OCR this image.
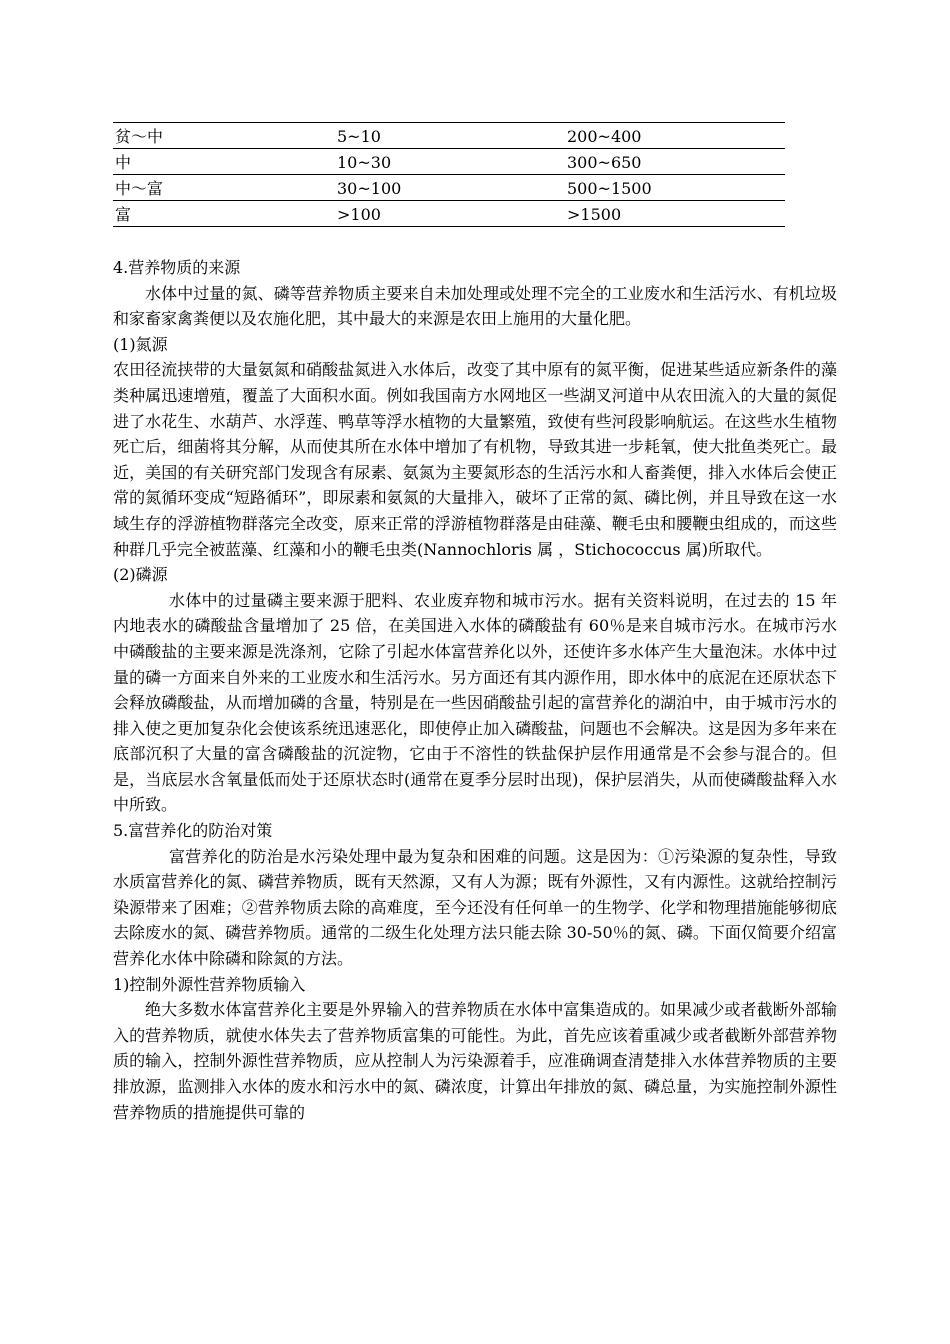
贫～中	5~10	200~400
中	10~30	300~650
中～富	30~100	500~1500
富	>100	>1500

4.营养物质的来源

水体中过量的氮、磷等营养物质主要来自未加处理或处理不完全的工业废水和生活污水、有机垃圾和家畜家禽粪便以及农施化肥，其中最大的来源是农田上施用的大量化肥。

(1)氮源

农田径流挟带的大量氨氮和硝酸盐氮进入水体后，改变了其中原有的氮平衡，促进某些适应新条件的藻类种属迅速增殖，覆盖了大面积水面。例如我国南方水网地区一些湖叉河道中从农田流入的大量的氮促进了水花生、水葫芦、水浮莲、鸭草等浮水植物的大量繁殖，致使有些河段影响航运。在这些水生植物死亡后，细菌将其分解，从而使其所在水体中增加了有机物，导致其进一步耗氧，使大批鱼类死亡。最近，美国的有关研究部门发现含有尿素、氨氮为主要氮形态的生活污水和人畜粪便，排入水体后会使正常的氮循环变成“短路循环”，即尿素和氨氮的大量排入，破坏了正常的氮、磷比例，并且导致在这一水域生存的浮游植物群落完全改变，原来正常的浮游植物群落是由硅藻、鞭毛虫和腰鞭虫组成的，而这些种群几乎完全被蓝藻、红藻和小的鞭毛虫类(Nannochloris 属 ，Stichococcus 属)所取代。

(2)磷源

水体中的过量磷主要来源于肥料、农业废弃物和城市污水。据有关资料说明，在过去的 15 年内地表水的磷酸盐含量增加了 25 倍，在美国进入水体的磷酸盐有 60％是来自城市污水。在城市污水中磷酸盐的主要来源是洗涤剂，它除了引起水体富营养化以外，还使许多水体产生大量泡沫。水体中过量的磷一方面来自外来的工业废水和生活污水。另方面还有其内源作用，即水体中的底泥在还原状态下会释放磷酸盐，从而增加磷的含量，特别是在一些因硝酸盐引起的富营养化的湖泊中，由于城市污水的排入使之更加复杂化会使该系统迅速恶化，即使停止加入磷酸盐，问题也不会解决。这是因为多年来在底部沉积了大量的富含磷酸盐的沉淀物，它由于不溶性的铁盐保护层作用通常是不会参与混合的。但是，当底层水含氧量低而处于还原状态时(通常在夏季分层时出现)，保护层消失，从而使磷酸盐释入水中所致。

5.富营养化的防治对策

富营养化的防治是水污染处理中最为复杂和困难的问题。这是因为：①污染源的复杂性，导致水质富营养化的氮、磷营养物质，既有天然源，又有人为源；既有外源性，又有内源性。这就给控制污染源带来了困难；②营养物质去除的高难度，至今还没有任何单一的生物学、化学和物理措施能够彻底去除废水的氮、磷营养物质。通常的二级生化处理方法只能去除 30-50％的氮、磷。下面仅简要介绍富营养化水体中除磷和除氮的方法。

1)控制外源性营养物质输入

绝大多数水体富营养化主要是外界输入的营养物质在水体中富集造成的。如果减少或者截断外部输入的营养物质，就使水体失去了营养物质富集的可能性。为此，首先应该着重减少或者截断外部营养物质的输入，控制外源性营养物质，应从控制人为污染源着手，应准确调查清楚排入水体营养物质的主要排放源，监测排入水体的废水和污水中的氮、磷浓度，计算出年排放的氮、磷总量，为实施控制外源性营养物质的措施提供可靠的
